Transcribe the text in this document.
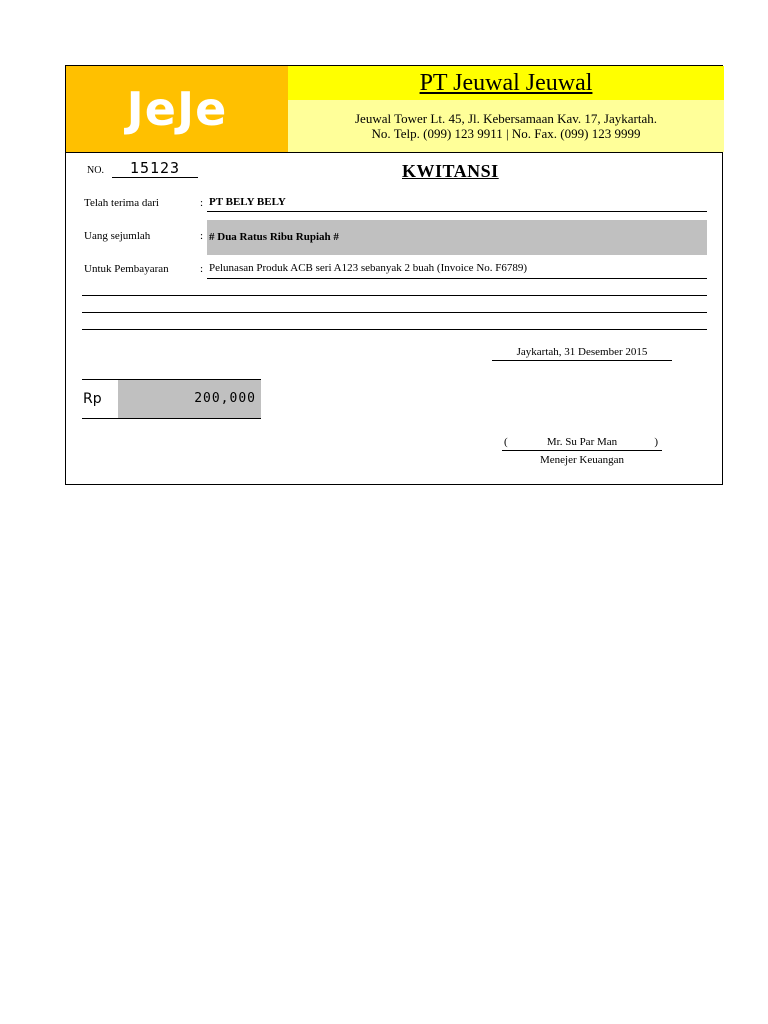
JeJe	PT Jeuwal Jeuwal
Jeuwal Tower Lt. 45, Jl. Kebersamaan Kav. 17, Jaykartah.
No. Telp. (099) 123 9911 | No. Fax. (099) 123 9999
NO.	15123	KWITANSI
Telah terima dari	: PT BELY BELY
Uang sejumlah	: # Dua Ratus Ribu Rupiah #
Untuk Pembayaran	: Pelunasan Produk ACB seri A123 sebanyak 2 buah (Invoice No. F6789)
Jaykartah, 31 Desember 2015
Rp	200,000
(	Mr. Su Par Man	)
Menejer Keuangan
